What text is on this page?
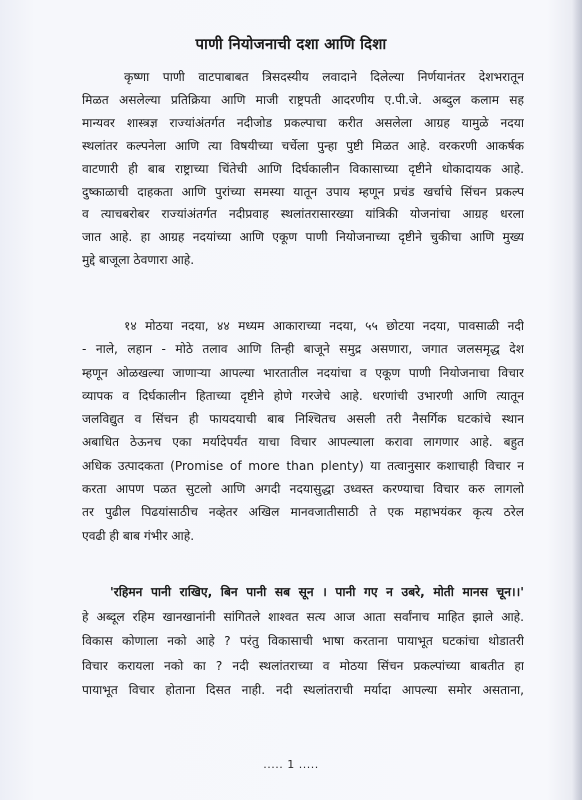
पाणी नियोजनाची दशा आणि दिशा
कृष्णा पाणी वाटपाबाबत त्रिसदस्यीय लवादाने दिलेल्या निर्णयानंतर देशभरातून
मिळत असलेल्या प्रतिक्रिया आणि माजी राष्ट्रपती आदरणीय ए.पी.जे. अब्दुल कलाम सह
मान्यवर शास्त्रज्ञ राज्यांअंतर्गत नदीजोड प्रकल्पाचा करीत असलेला आग्रह यामुळे नदया
स्थलांतर कल्पनेला आणि त्या विषयीच्या चर्चेला पुन्हा पुष्टी मिळत आहे. वरकरणी आकर्षक
वाटणारी ही बाब राष्ट्राच्या चिंतेची आणि दिर्घकालीन विकासाच्या दृष्टीने धोकादायक आहे.
दुष्काळाची दाहकता आणि पुरांच्या समस्या यातून उपाय म्हणून प्रचंड खर्चाचे सिंचन प्रकल्प
व त्याचबरोबर राज्यांअंतर्गत नदीप्रवाह स्थलांतरासारख्या यांत्रिकी योजनांचा आग्रह धरला
जात आहे. हा आग्रह नदयांच्या आणि एकूण पाणी नियोजनाच्या दृष्टीने चुकीचा आणि मुख्य
मुद्दे बाजूला ठेवणारा आहे.
१४ मोठया नदया, ४४ मध्यम आकाराच्या नदया, ५५ छोटया नदया, पावसाळी नदी
- नाले, लहान - मोठे तलाव आणि तिन्ही बाजूने समुद्र असणारा, जगात जलसमृद्ध देश
म्हणून ओळखल्या जाणाऱ्या आपल्या भारतातील नदयांचा व एकूण पाणी नियोजनाचा विचार
व्यापक व दिर्घकालीन हिताच्या दृष्टीने होणे गरजेचे आहे. धरणांची उभारणी आणि त्यातून
जलविद्युत व सिंचन ही फायदयाची बाब निश्चितच असली तरी नैसर्गिक घटकांचे स्थान
अबाधित ठेऊनच एका मर्यादेपर्यंत याचा विचार आपल्याला करावा लागणार आहे. बहुत
अधिक उत्पादकता (Promise of more than plenty) या तत्वानुसार कशाचाही विचार न
करता आपण पळत सुटलो आणि अगदी नदयासुद्धा उध्वस्त करण्याचा विचार करु लागलो
तर पुढील पिढयांसाठीच नव्हेतर अखिल मानवजातीसाठी ते एक महाभयंकर कृत्य ठरेल
एवढी ही बाब गंभीर आहे.
'रहिमन पानी राखिए, बिन पानी सब सून । पानी गए न उबरे, मोती मानस चून।।'
हे अब्दूल रहिम खानखानांनी सांगितले शाश्वत सत्य आज आता सर्वांनाच माहित झाले आहे.
विकास कोणाला नको आहे ? परंतु विकासाची भाषा करताना पायाभूत घटकांचा थोडातरी
विचार करायला नको का ? नदी स्थलांतराच्या व मोठया सिंचन प्रकल्पांच्या बाबतीत हा
पायाभूत विचार होताना दिसत नाही. नदी स्थलांतराची मर्यादा आपल्या समोर असताना,
..... 1 .....
